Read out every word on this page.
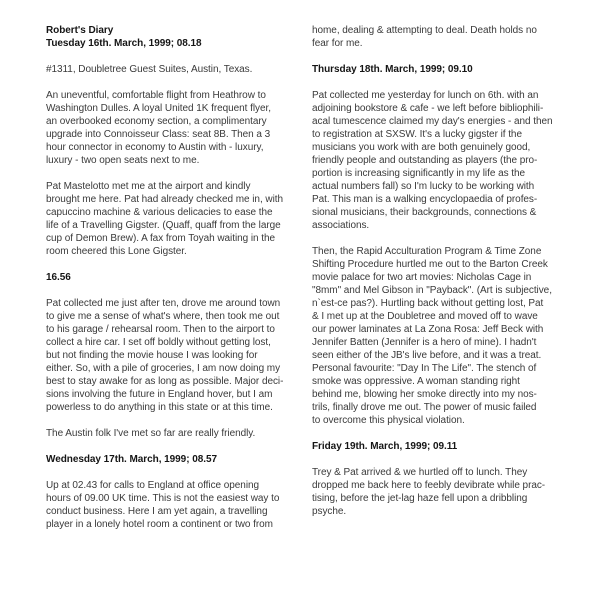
Robert's Diary
Tuesday 16th. March, 1999; 08.18
#1311, Doubletree Guest Suites, Austin, Texas.
An uneventful, comfortable flight from Heathrow to
Washington Dulles. A loyal United 1K frequent flyer,
an overbooked economy section, a complimentary
upgrade into Connoisseur Class: seat 8B. Then a 3
hour connector in economy to Austin with - luxury,
luxury - two open seats next to me.
Pat Mastelotto met me at the airport and kindly
brought me here. Pat had already checked me in, with
capuccino machine & various delicacies to ease the
life of a Travelling Gigster. (Quaff, quaff from the large
cup of Demon Brew). A fax from Toyah waiting in the
room cheered this Lone Gigster.
16.56
Pat collected me just after ten, drove me around town
to give me a sense of what's where, then took me out
to his garage / rehearsal room. Then to the airport to
collect a hire car. I set off boldly without getting lost,
but not finding the movie house I was looking for
either. So, with a pile of groceries, I am now doing my
best to stay awake for as long as possible. Major deci-
sions involving the future in England hover, but I am
powerless to do anything in this state or at this time.
The Austin folk I've met so far are really friendly.
Wednesday 17th. March, 1999; 08.57
Up at 02.43 for calls to England at office opening
hours of 09.00 UK time. This is not the easiest way to
conduct business. Here I am yet again, a travelling
player in a lonely hotel room a continent or two from
home, dealing & attempting to deal. Death holds no
fear for me.
Thursday 18th. March, 1999; 09.10
Pat collected me yesterday for lunch on 6th. with an
adjoining bookstore & cafe - we left before bibliophili-
acal tumescence claimed my day's energies - and then
to registration at SXSW. It's a lucky gigster if the
musicians you work with are both genuinely good,
friendly people and outstanding as players (the pro-
portion is increasing significantly in my life as the
actual numbers fall) so I'm lucky to be working with
Pat. This man is a walking encyclopaedia of profes-
sional musicians, their backgrounds, connections &
associations.
Then, the Rapid Acculturation Program & Time Zone
Shifting Procedure hurtled me out to the Barton Creek
movie palace for two art movies: Nicholas Cage in
"8mm" and Mel Gibson in "Payback". (Art is subjective,
n`est-ce pas?). Hurtling back without getting lost, Pat
& I met up at the Doubletree and moved off to wave
our power laminates at La Zona Rosa: Jeff Beck with
Jennifer Batten (Jennifer is a hero of mine). I hadn't
seen either of the JB's live before, and it was a treat.
Personal favourite: "Day In The Life". The stench of
smoke was oppressive. A woman standing right
behind me, blowing her smoke directly into my nos-
trils, finally drove me out. The power of music failed
to overcome this physical violation.
Friday 19th. March, 1999; 09.11
Trey & Pat arrived & we hurtled off to lunch. They
dropped me back here to feebly devibrate while prac-
tising, before the jet-lag haze fell upon a dribbling
psyche.
